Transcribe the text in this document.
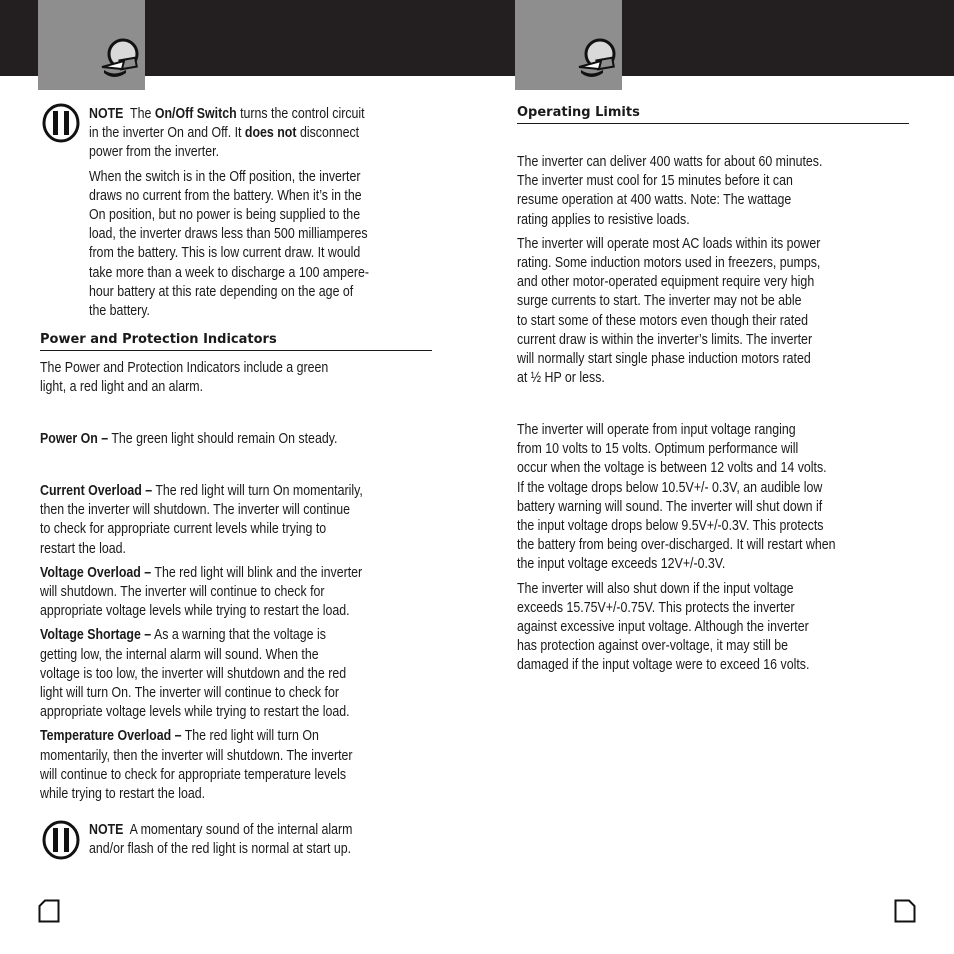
NOTE The On/Off Switch turns the control circuit

in the inverter On and Off. It does not disconnect

power from the inverter.

When the switch is in the Off position, the inverter

draws no current from the battery. When it’s in the

On position, but no power is being supplied to the

load, the inverter draws less than 500 milliamperes

from the battery. This is low current draw. It would

take more than a week to discharge a 100 ampere-

hour battery at this rate depending on the age of

the battery.

Power and Protection Indicators

The Power and Protection Indicators include a green

light, a red light and an alarm.

Power On – The green light should remain On steady.

Current Overload – The red light will turn On momentarily,

then the inverter will shutdown. The inverter will continue

to check for appropriate current levels while trying to

restart the load.

Voltage Overload – The red light will blink and the inverter

will shutdown. The inverter will continue to check for

appropriate voltage levels while trying to restart the load.

Voltage Shortage – As a warning that the voltage is

getting low, the internal alarm will sound. When the

voltage is too low, the inverter will shutdown and the red

light will turn On. The inverter will continue to check for

appropriate voltage levels while trying to restart the load.

Temperature Overload – The red light will turn On

momentarily, then the inverter will shutdown. The inverter

will continue to check for appropriate temperature levels

while trying to restart the load.

NOTE A momentary sound of the internal alarm

and/or flash of the red light is normal at start up.

Operating Limits

The inverter can deliver 400 watts for about 60 minutes.

The inverter must cool for 15 minutes before it can

resume operation at 400 watts. Note: The wattage

rating applies to resistive loads.

The inverter will operate most AC loads within its power

rating. Some induction motors used in freezers, pumps,

and other motor-operated equipment require very high

surge currents to start. The inverter may not be able

to start some of these motors even though their rated

current draw is within the inverter’s limits. The inverter

will normally start single phase induction motors rated

at ½ HP or less.

The inverter will operate from input voltage ranging

from 10 volts to 15 volts. Optimum performance will

occur when the voltage is between 12 volts and 14 volts.

If the voltage drops below 10.5V+/- 0.3V, an audible low

battery warning will sound. The inverter will shut down if

the input voltage drops below 9.5V+/-0.3V. This protects

the battery from being over-discharged. It will restart when

the input voltage exceeds 12V+/-0.3V.

The inverter will also shut down if the input voltage

exceeds 15.75V+/-0.75V. This protects the inverter

against excessive input voltage. Although the inverter

has protection against over-voltage, it may still be

damaged if the input voltage were to exceed 16 volts.
